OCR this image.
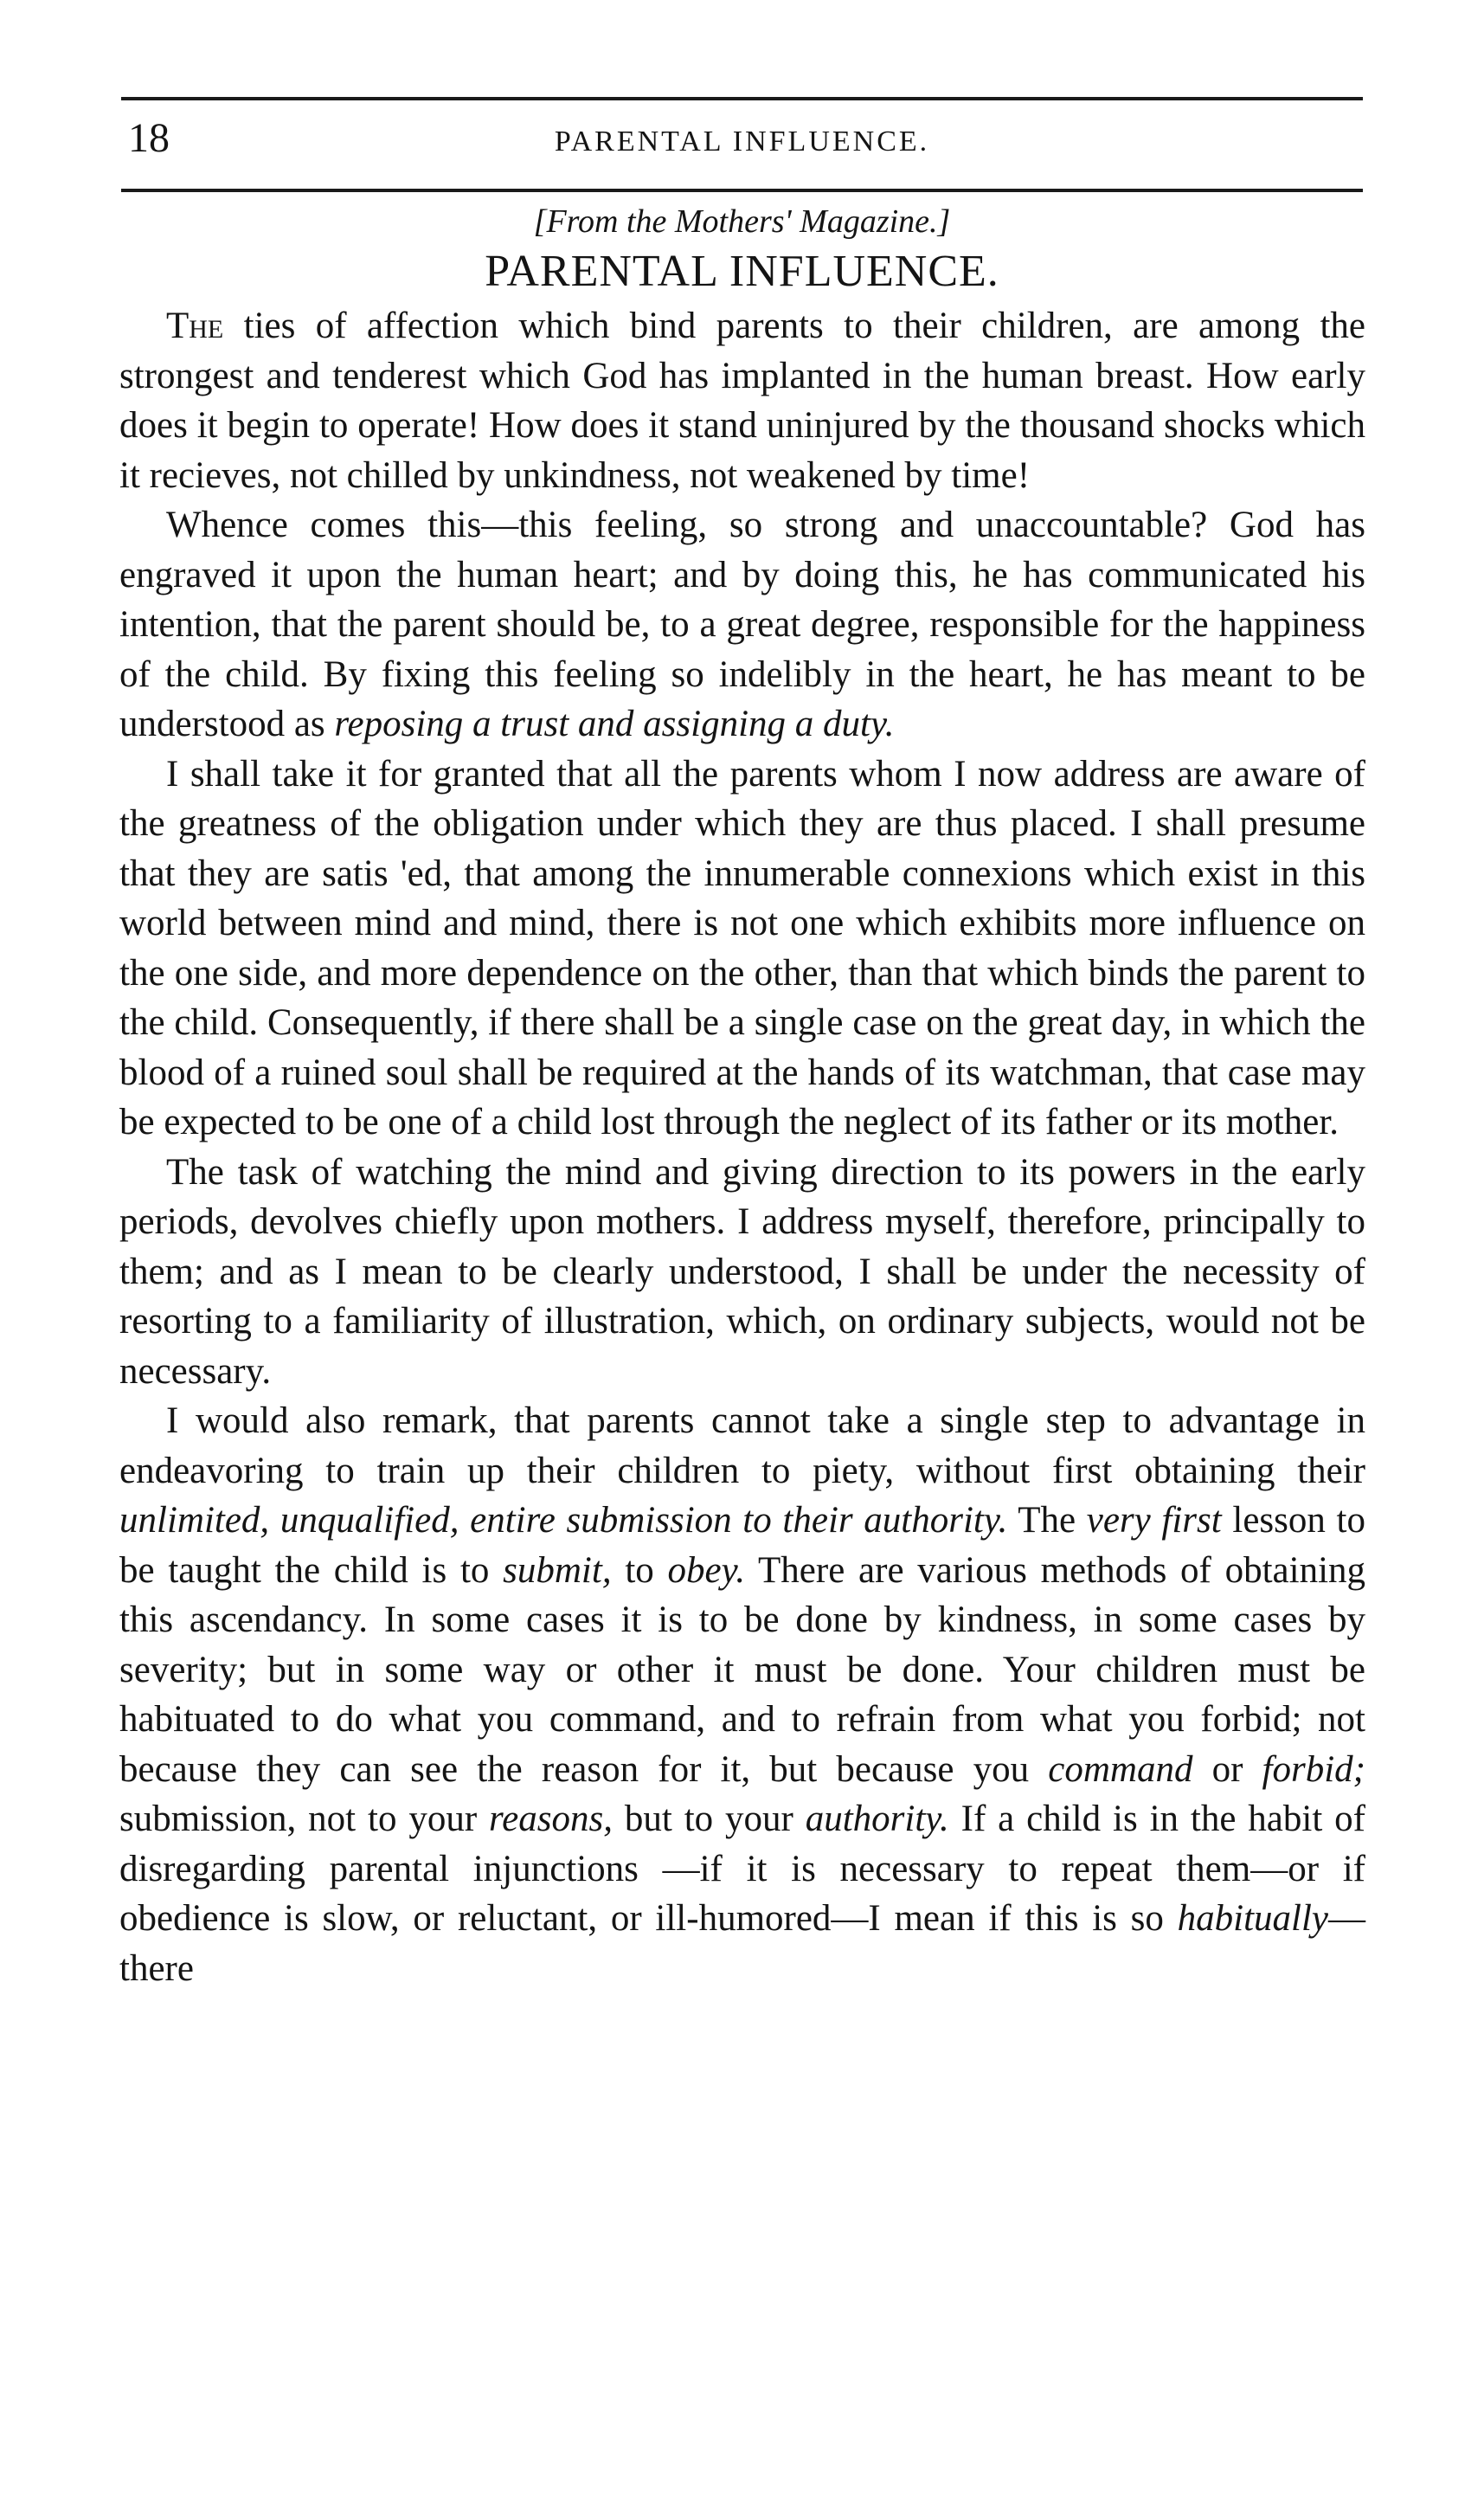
18	PARENTAL INFLUENCE.
[From the Mothers' Magazine.]
PARENTAL INFLUENCE.

The ties of affection which bind parents to their children, are among the strongest and tenderest which God has implanted in the human breast. How early does it begin to operate! How does it stand uninjured by the thousand shocks which it recieves, not chilled by unkindness, not weakened by time!

Whence comes this—this feeling, so strong and unaccountable? God has engraved it upon the human heart; and by doing this, he has communicated his intention, that the parent should be, to a great degree, responsible for the happiness of the child. By fixing this feeling so indelibly in the heart, he has meant to be understood as reposing a trust and assigning a duty.

I shall take it for granted that all the parents whom I now address are aware of the greatness of the obligation under which they are thus placed. I shall presume that they are satis 'ed, that among the innumerable connexions which exist in this world between mind and mind, there is not one which exhibits more influence on the one side, and more dependence on the other, than that which binds the parent to the child. Consequently, if there shall be a single case on the great day, in which the blood of a ruined soul shall be required at the hands of its watchman, that case may be expected to be one of a child lost through the neglect of its father or its mother.

The task of watching the mind and giving direction to its powers in the early periods, devolves chiefly upon mothers. I address myself, therefore, principally to them; and as I mean to be clearly understood, I shall be under the necessity of resorting to a familiarity of illustration, which, on ordinary subjects, would not be necessary.

I would also remark, that parents cannot take a single step to advantage in endeavoring to train up their children to piety, without first obtaining their unlimited, unqualified, entire submission to their authority. The very first lesson to be taught the child is to submit, to obey. There are various methods of obtaining this ascendancy. In some cases it is to be done by kindness, in some cases by severity; but in some way or other it must be done. Your children must be habituated to do what you command, and to refrain from what you forbid; not because they can see the reason for it, but because you command or forbid; submission, not to your reasons, but to your authority. If a child is in the habit of disregarding parental injunctions —if it is necessary to repeat them—or if obedience is slow, or reluctant, or ill-humored—I mean if this is so habitually—there
